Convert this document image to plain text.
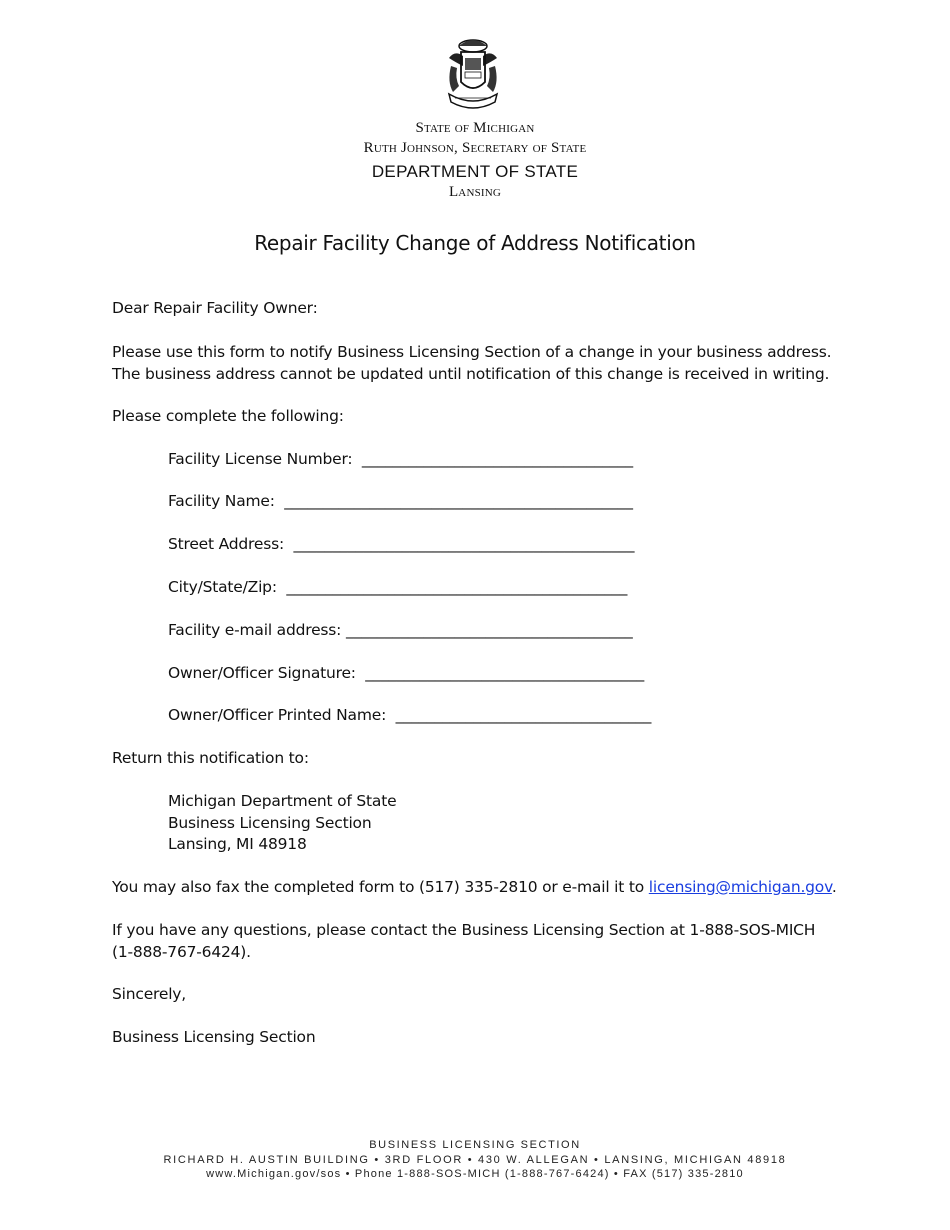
State of Michigan
Ruth Johnson, Secretary of State
DEPARTMENT OF STATE
Lansing
Repair Facility Change of Address Notification
Dear Repair Facility Owner:
Please use this form to notify Business Licensing Section of a change in your business address.
The business address cannot be updated until notification of this change is received in writing.
Please complete the following:
Facility License Number: ___________________________________
Facility Name: _____________________________________________
Street Address: ____________________________________________
City/State/Zip: ____________________________________________
Facility e-mail address: _____________________________________
Owner/Officer Signature: ____________________________________
Owner/Officer Printed Name: _________________________________
Return this notification to:
Michigan Department of State
Business Licensing Section
Lansing, MI 48918
You may also fax the completed form to (517) 335-2810 or e-mail it to licensing@michigan.gov.
If you have any questions, please contact the Business Licensing Section at 1-888-SOS-MICH
(1-888-767-6424).
Sincerely,
Business Licensing Section
BUSINESS LICENSING SECTION
RICHARD H. AUSTIN BUILDING • 3RD FLOOR • 430 W. ALLEGAN • LANSING, MICHIGAN 48918
www.Michigan.gov/sos • Phone 1-888-SOS-MICH (1-888-767-6424) • FAX (517) 335-2810
